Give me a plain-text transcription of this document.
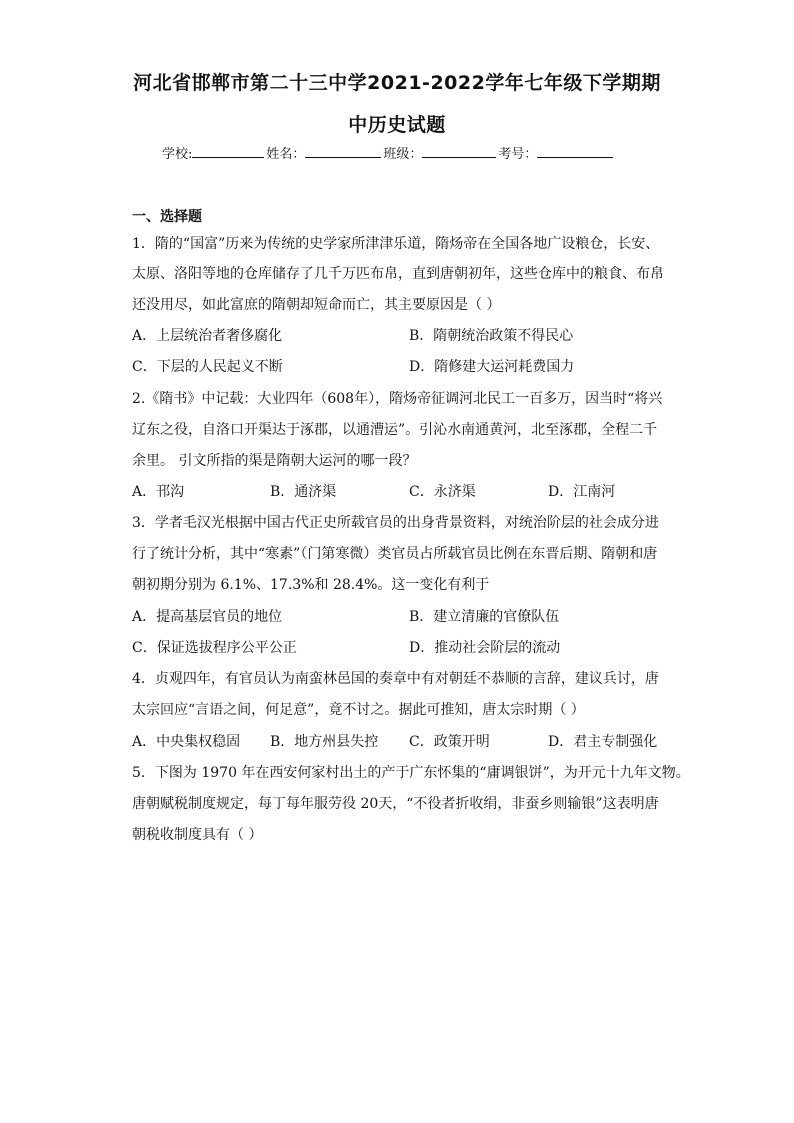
河北省邯郸市第二十三中学2021-2022学年七年级下学期期
中历史试题
学校:	姓名：	班级：	考号：
一、选择题
1．隋的“国富”历来为传统的史学家所津津乐道，隋炀帝在全国各地广设粮仓，长安、
太原、洛阳等地的仓库储存了几千万匹布帛，直到唐朝初年，这些仓库中的粮食、布帛
还没用尽，如此富庶的隋朝却短命而亡，其主要原因是（ ）
A．上层统治者奢侈腐化	B．隋朝统治政策不得民心
C．下层的人民起义不断	D．隋修建大运河耗费国力
2.《隋书》中记载：大业四年（608年），隋炀帝征调河北民工一百多万，因当时“将兴
辽东之役，自洛口开渠达于涿郡，以通漕运”。引沁水南通黄河，北至涿郡，全程二千
余里。 引文所指的渠是隋朝大运河的哪一段？
A．邗沟	B．通济渠	C．永济渠	D．江南河
3．学者毛汉光根据中国古代正史所载官员的出身背景资料，对统治阶层的社会成分进
行了统计分析，其中“寒素”（门第寒微）类官员占所载官员比例在东晋后期、隋朝和唐
朝初期分别为 6.1%、17.3%和 28.4%。这一变化有利于
A．提高基层官员的地位	B．建立清廉的官僚队伍
C．保证选拔程序公平公正	D．推动社会阶层的流动
4．贞观四年，有官员认为南蛮林邑国的奏章中有对朝廷不恭顺的言辞，建议兵讨，唐
太宗回应“言语之间，何足意”，竟不讨之。据此可推知，唐太宗时期（ ）
A．中央集权稳固 B．地方州县失控 C．政策开明	D．君主专制强化
5．下图为 1970 年在西安何家村出土的产于广东怀集的“庸调银饼”，为开元十九年文物。
唐朝赋税制度规定，每丁每年服劳役 20天，“不役者折收绢，非蚕乡则输银”这表明唐
朝税收制度具有（ ）
